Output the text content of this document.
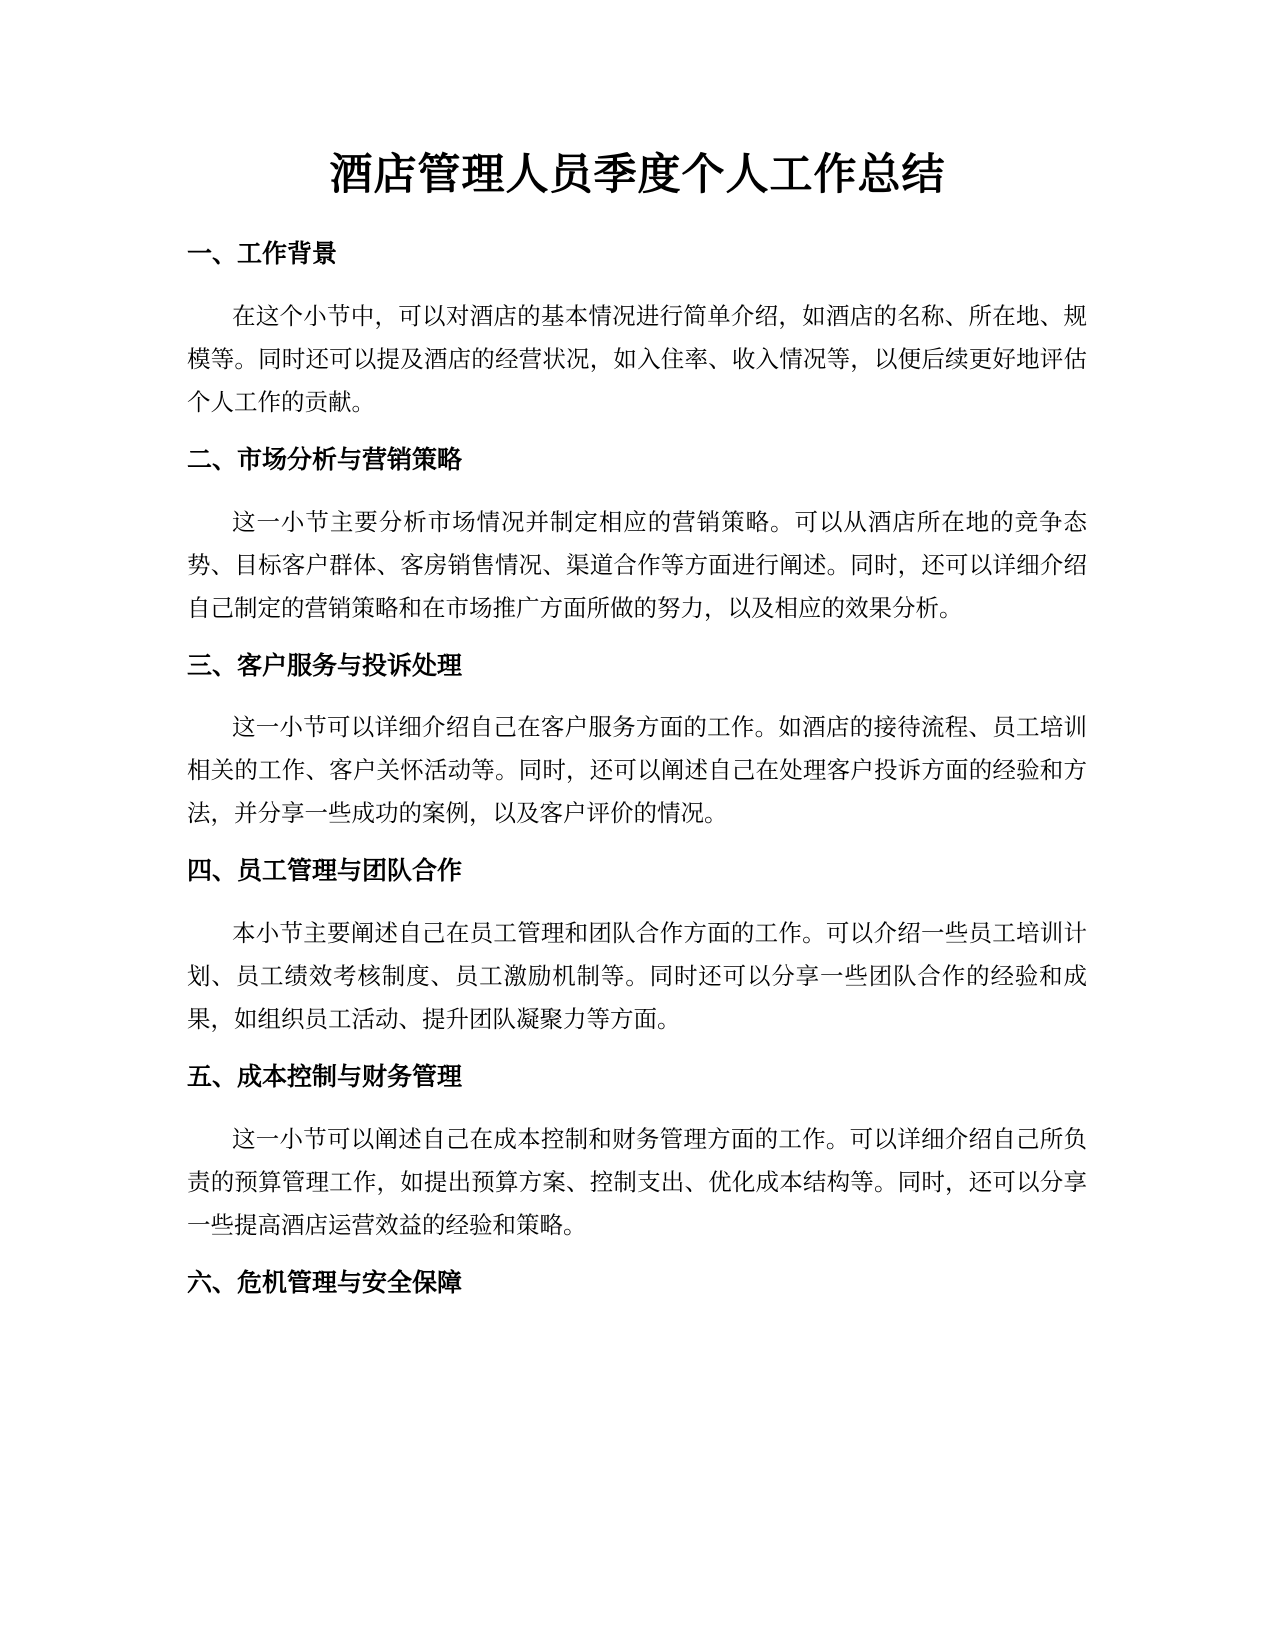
酒店管理人员季度个人工作总结
一、工作背景

在这个小节中，可以对酒店的基本情况进行简单介绍，如酒店的名称、所在地、规模等。同时还可以提及酒店的经营状况，如入住率、收入情况等，以便后续更好地评估个人工作的贡献。

二、市场分析与营销策略

这一小节主要分析市场情况并制定相应的营销策略。可以从酒店所在地的竞争态势、目标客户群体、客房销售情况、渠道合作等方面进行阐述。同时，还可以详细介绍自己制定的营销策略和在市场推广方面所做的努力，以及相应的效果分析。

三、客户服务与投诉处理

这一小节可以详细介绍自己在客户服务方面的工作。如酒店的接待流程、员工培训相关的工作、客户关怀活动等。同时，还可以阐述自己在处理客户投诉方面的经验和方法，并分享一些成功的案例，以及客户评价的情况。

四、员工管理与团队合作

本小节主要阐述自己在员工管理和团队合作方面的工作。可以介绍一些员工培训计划、员工绩效考核制度、员工激励机制等。同时还可以分享一些团队合作的经验和成果，如组织员工活动、提升团队凝聚力等方面。

五、成本控制与财务管理

这一小节可以阐述自己在成本控制和财务管理方面的工作。可以详细介绍自己所负责的预算管理工作，如提出预算方案、控制支出、优化成本结构等。同时，还可以分享一些提高酒店运营效益的经验和策略。

六、危机管理与安全保障
